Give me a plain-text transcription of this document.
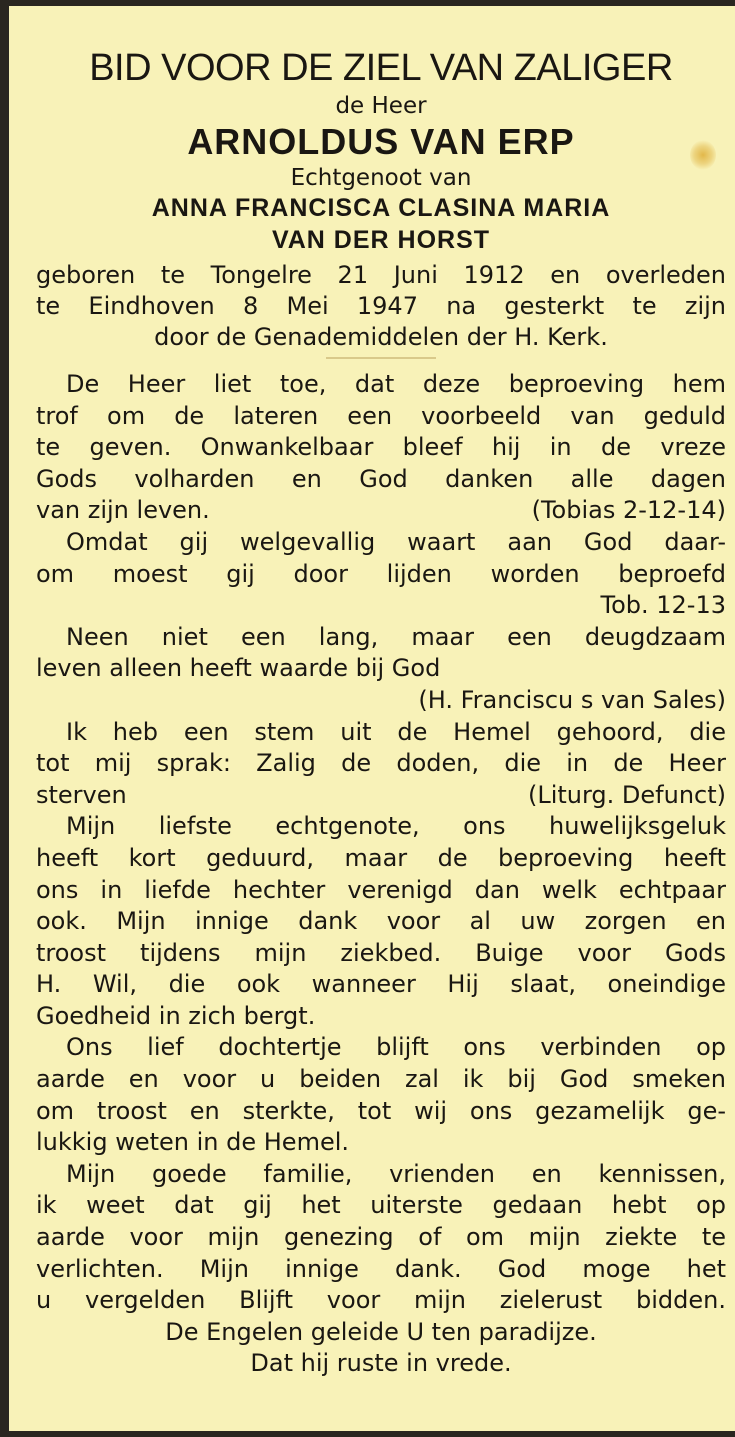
BID VOOR DE ZIEL VAN ZALIGER
de Heer
ARNOLDUS VAN ERP
Echtgenoot van
ANNA FRANCISCA CLASINA MARIA
VAN DER HORST
geboren te Tongelre 21 Juni 1912 en overleden
te Eindhoven 8 Mei 1947 na gesterkt te zijn
door de Genademiddelen der H. Kerk.
De Heer liet toe, dat deze beproeving hem
trof om de lateren een voorbeeld van geduld
te geven. Onwankelbaar bleef hij in de vreze
Gods volharden en God danken alle dagen
van zijn leven.	(Tobias 2-12-14)
Omdat gij welgevallig waart aan God daar-
om moest gij door lijden worden beproefd
Tob. 12-13
Neen niet een lang, maar een deugdzaam
leven alleen heeft waarde bij God
(H. Franciscu s van Sales)
Ik heb een stem uit de Hemel gehoord, die
tot mij sprak: Zalig de doden, die in de Heer
sterven	(Liturg. Defunct)
Mijn liefste echtgenote, ons huwelijksgeluk
heeft kort geduurd, maar de beproeving heeft
ons in liefde hechter verenigd dan welk echtpaar
ook. Mijn innige dank voor al uw zorgen en
troost tijdens mijn ziekbed. Buige voor Gods
H. Wil, die ook wanneer Hij slaat, oneindige
Goedheid in zich bergt.
Ons lief dochtertje blijft ons verbinden op
aarde en voor u beiden zal ik bij God smeken
om troost en sterkte, tot wij ons gezamelijk ge-
lukkig weten in de Hemel.
Mijn goede familie, vrienden en kennissen,
ik weet dat gij het uiterste gedaan hebt op
aarde voor mijn genezing of om mijn ziekte te
verlichten. Mijn innige dank. God moge het
u vergelden Blijft voor mijn zielerust bidden.
De Engelen geleide U ten paradijze.
Dat hij ruste in vrede.
